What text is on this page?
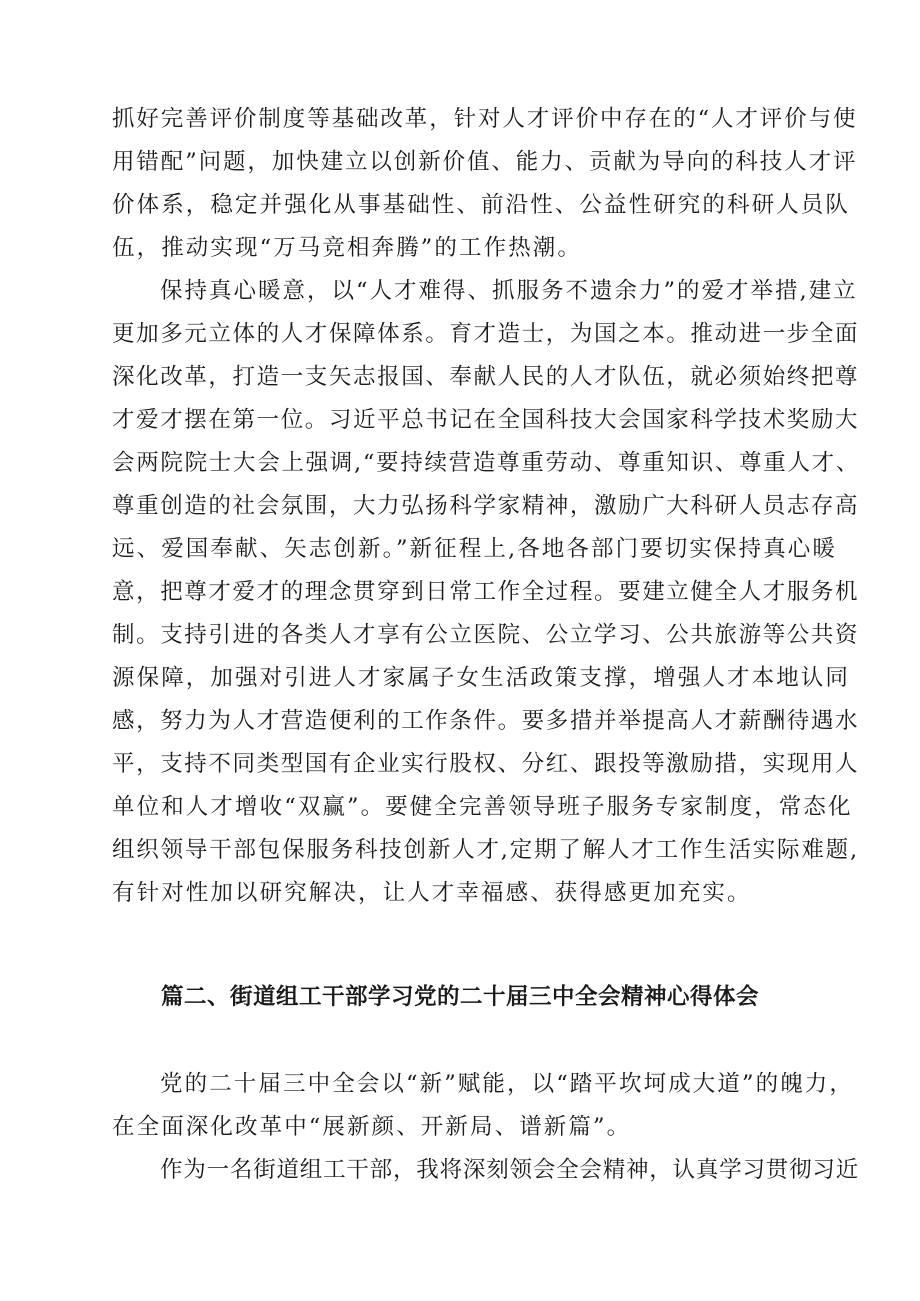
抓好完善评价制度等基础改革，针对人才评价中存在的“人才评价与使
用错配”问题，加快建立以创新价值、能力、贡献为导向的科技人才评
价体系，稳定并强化从事基础性、前沿性、公益性研究的科研人员队
伍，推动实现“万马竞相奔腾”的工作热潮。
保持真心暖意，以“人才难得、抓服务不遗余力”的爱才举措,建立
更加多元立体的人才保障体系。育才造士，为国之本。推动进一步全面
深化改革，打造一支矢志报国、奉献人民的人才队伍，就必须始终把尊
才爱才摆在第一位。习近平总书记在全国科技大会国家科学技术奖励大
会两院院士大会上强调,“要持续营造尊重劳动、尊重知识、尊重人才、
尊重创造的社会氛围，大力弘扬科学家精神，激励广大科研人员志存高
远、爱国奉献、矢志创新。”新征程上,各地各部门要切实保持真心暖
意，把尊才爱才的理念贯穿到日常工作全过程。要建立健全人才服务机
制。支持引进的各类人才享有公立医院、公立学习、公共旅游等公共资
源保障，加强对引进人才家属子女生活政策支撑，增强人才本地认同
感，努力为人才营造便利的工作条件。要多措并举提高人才薪酬待遇水
平，支持不同类型国有企业实行股权、分红、跟投等激励措，实现用人
单位和人才增收“双赢”。要健全完善领导班子服务专家制度，常态化
组织领导干部包保服务科技创新人才,定期了解人才工作生活实际难题,
有针对性加以研究解决，让人才幸福感、获得感更加充实。
篇二、街道组工干部学习党的二十届三中全会精神心得体会
党的二十届三中全会以“新”赋能，以“踏平坎坷成大道”的魄力，
在全面深化改革中“展新颜、开新局、谱新篇”。
作为一名街道组工干部，我将深刻领会全会精神，认真学习贯彻习近
